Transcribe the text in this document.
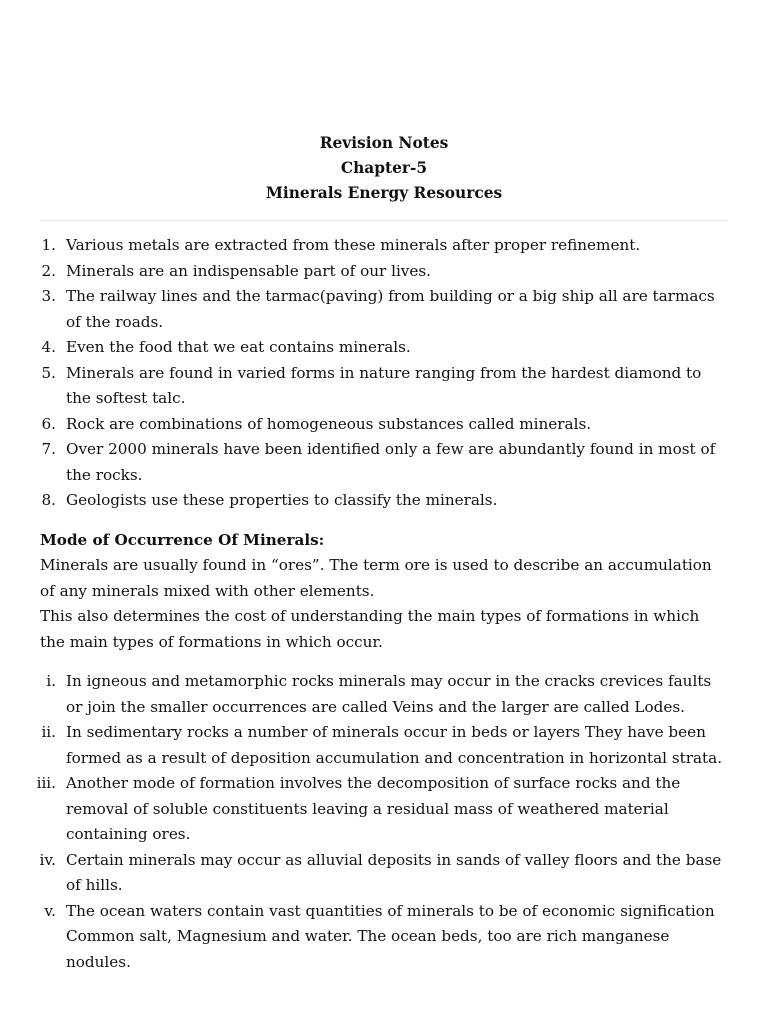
Revision Notes
Chapter-5
Minerals Energy Resources
1. Various metals are extracted from these minerals after proper refinement.
2. Minerals are an indispensable part of our lives.
3. The railway lines and the tarmac(paving) from building or a big ship all are tarmacs of the roads.
4. Even the food that we eat contains minerals.
5. Minerals are found in varied forms in nature ranging from the hardest diamond to the softest talc.
6. Rock are combinations of homogeneous substances called minerals.
7. Over 2000 minerals have been identified only a few are abundantly found in most of the rocks.
8. Geologists use these properties to classify the minerals.
Mode of Occurrence Of Minerals:

Minerals are usually found in “ores”. The term ore is used to describe an accumulation of any minerals mixed with other elements.

This also determines the cost of understanding the main types of formations in which the main types of formations in which occur.

i. In igneous and metamorphic rocks minerals may occur in the cracks crevices faults or join the smaller occurrences are called Veins and the larger are called Lodes.
ii. In sedimentary rocks a number of minerals occur in beds or layers They have been formed as a result of deposition accumulation and concentration in horizontal strata.
iii. Another mode of formation involves the decomposition of surface rocks and the removal of soluble constituents leaving a residual mass of weathered material containing ores.
iv. Certain minerals may occur as alluvial deposits in sands of valley floors and the base of hills.
v. The ocean waters contain vast quantities of minerals to be of economic signification Common salt, Magnesium and water. The ocean beds, too are rich manganese nodules.
